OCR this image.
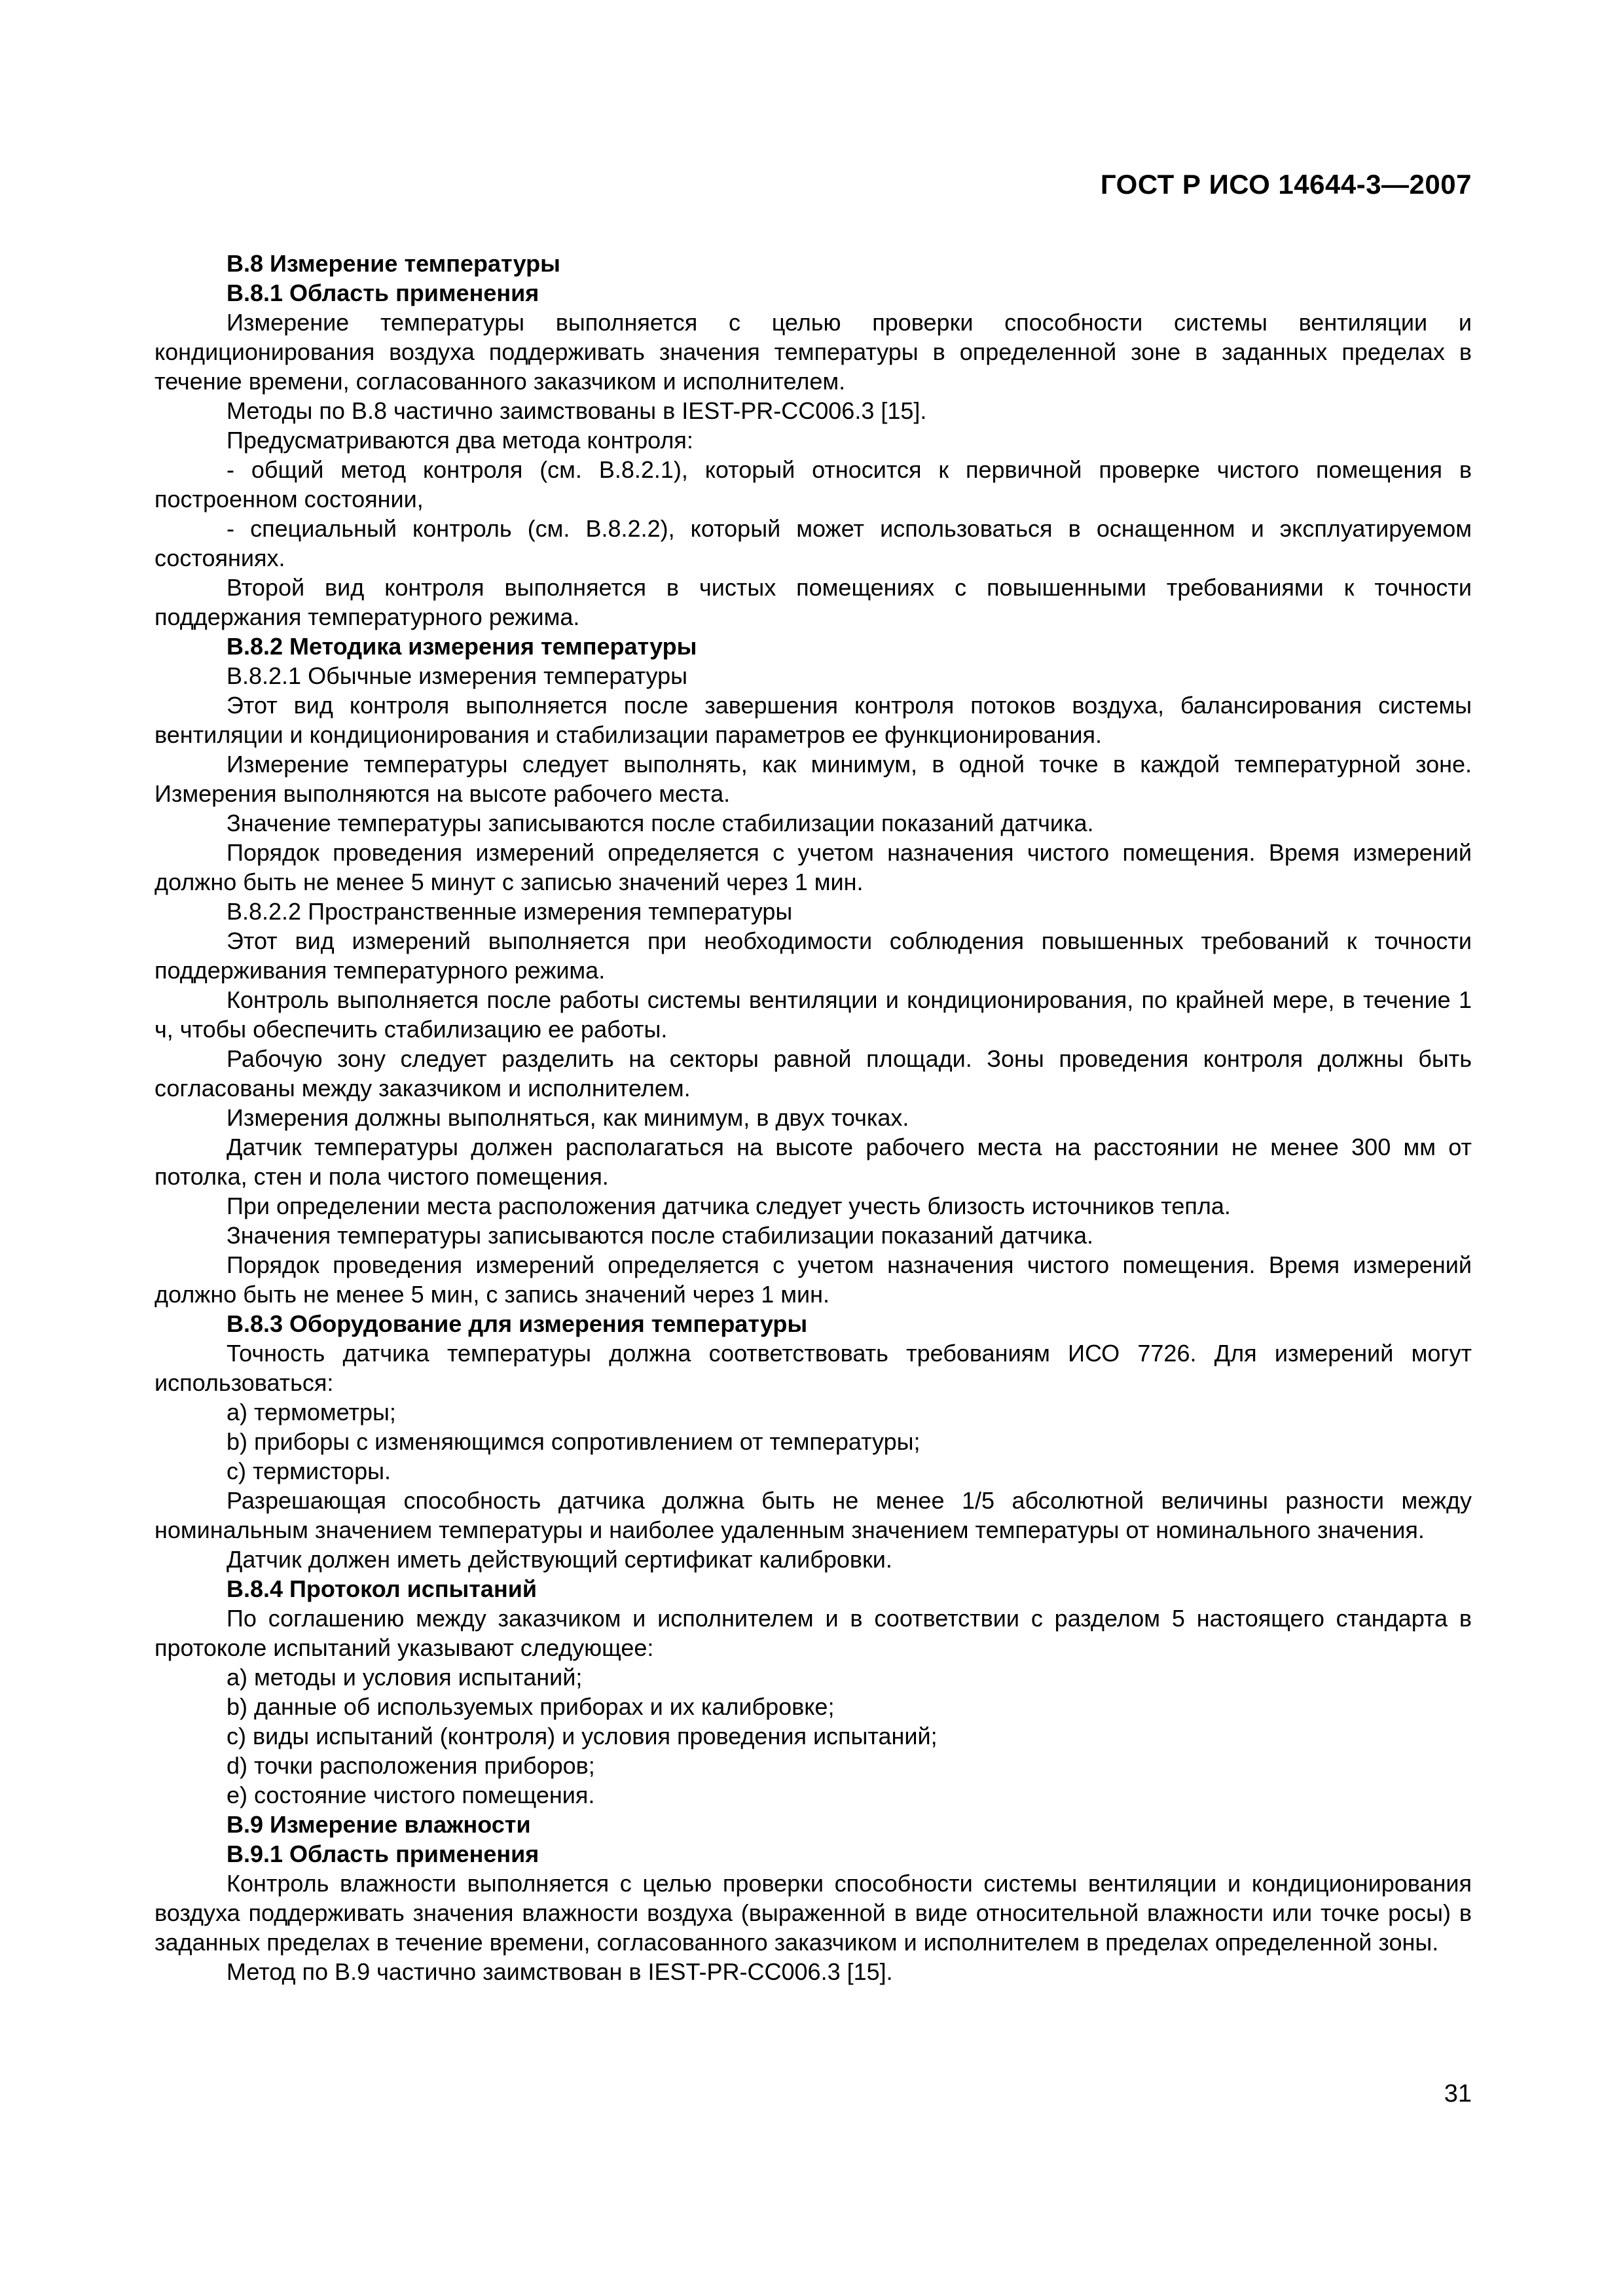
ГОСТ Р ИСО 14644-3—2007

В.8 Измерение температуры

В.8.1 Область применения

Измерение температуры выполняется с целью проверки способности системы вентиляции и кондиционирования воздуха поддерживать значения температуры в определенной зоне в заданных пределах в течение времени, согласованного заказчиком и исполнителем.

Методы по В.8 частично заимствованы в IEST-PR-CC006.3 [15].

Предусматриваются два метода контроля:

- общий метод контроля (см. В.8.2.1), который относится к первичной проверке чистого помещения в построенном состоянии,

- специальный контроль (см. В.8.2.2), который может использоваться в оснащенном и эксплуатируемом состояниях.

Второй вид контроля выполняется в чистых помещениях с повышенными требованиями к точности поддержания температурного режима.

В.8.2 Методика измерения температуры

В.8.2.1 Обычные измерения температуры

Этот вид контроля выполняется после завершения контроля потоков воздуха, балансирования системы вентиляции и кондиционирования и стабилизации параметров ее функционирования.

Измерение температуры следует выполнять, как минимум, в одной точке в каждой температурной зоне. Измерения выполняются на высоте рабочего места.

Значение температуры записываются после стабилизации показаний датчика.

Порядок проведения измерений определяется с учетом назначения чистого помещения. Время измерений должно быть не менее 5 минут с записью значений через 1 мин.

В.8.2.2 Пространственные измерения температуры

Этот вид измерений выполняется при необходимости соблюдения повышенных требований к точности поддерживания температурного режима.

Контроль выполняется после работы системы вентиляции и кондиционирования, по крайней мере, в течение 1 ч, чтобы обеспечить стабилизацию ее работы.

Рабочую зону следует разделить на секторы равной площади. Зоны проведения контроля должны быть согласованы между заказчиком и исполнителем.

Измерения должны выполняться, как минимум, в двух точках.

Датчик температуры должен располагаться на высоте рабочего места на расстоянии не менее 300 мм от потолка, стен и пола чистого помещения.

При определении места расположения датчика следует учесть близость источников тепла.

Значения температуры записываются после стабилизации показаний датчика.

Порядок проведения измерений определяется с учетом назначения чистого помещения. Время измерений должно быть не менее 5 мин, с запись значений через 1 мин.

В.8.3 Оборудование для измерения температуры

Точность датчика температуры должна соответствовать требованиям ИСО 7726. Для измерений могут использоваться:

a) термометры;

b) приборы с изменяющимся сопротивлением от температуры;

c) термисторы.

Разрешающая способность датчика должна быть не менее 1/5 абсолютной величины разности между номинальным значением температуры и наиболее удаленным значением температуры от номинального значения.

Датчик должен иметь действующий сертификат калибровки.

В.8.4 Протокол испытаний

По соглашению между заказчиком и исполнителем и в соответствии с разделом 5 настоящего стандарта в протоколе испытаний указывают следующее:

a) методы и условия испытаний;

b) данные об используемых приборах и их калибровке;

c) виды испытаний (контроля) и условия проведения испытаний;

d) точки расположения приборов;

e) состояние чистого помещения.

В.9 Измерение влажности

В.9.1 Область применения

Контроль влажности выполняется с целью проверки способности системы вентиляции и кондиционирования воздуха поддерживать значения влажности воздуха (выраженной в виде относительной влажности или точке росы) в заданных пределах в течение времени, согласованного заказчиком и исполнителем в пределах определенной зоны.

Метод по В.9 частично заимствован в IEST-PR-CC006.3 [15].

31
